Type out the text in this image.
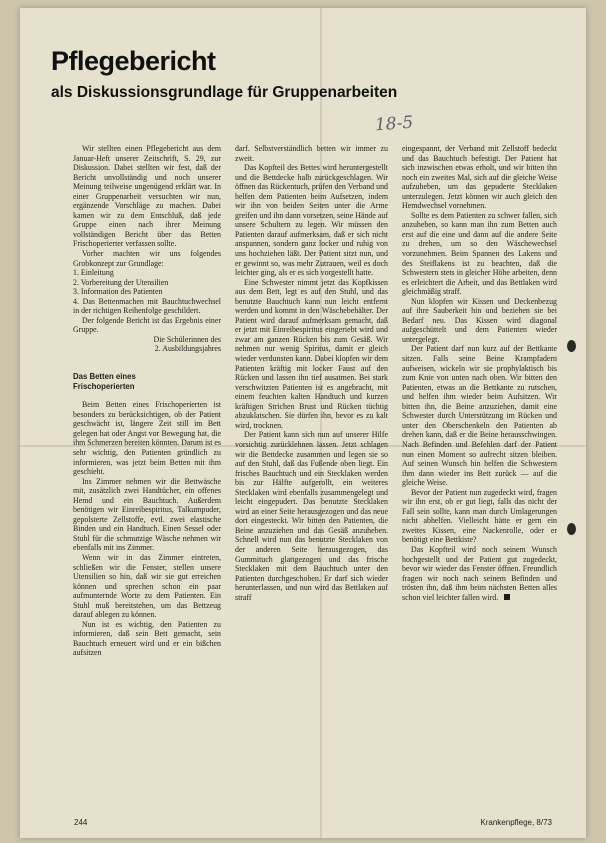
Pflegebericht
als Diskussionsgrundlage für Gruppenarbeiten
18-5

Wir stellten einen Pflegebericht aus dem Januar-Heft unserer Zeitschrift, S. 29, zur Diskussion. Dabei stellten wir fest, daß der Bericht unvollständig und noch unserer Meinung teilweise ungenügend erklärt war. In einer Gruppenarbeit versuchten wir nun, ergänzende Vorschläge zu machen. Dabei kamen wir zu dem Entschluß, daß jede Gruppe einen nach ihrer Meinung vollständigen Bericht über das Betten Frischoperierter verfassen sollte.

Vorher machten wir uns folgendes Grobkonzept zur Grundlage:

1. Einleitung

2. Vorbereitung der Utensilien

3. Information des Patienten

4. Das Bettenmachen mit Bauchtuchwechsel in der richtigen Reihenfolge geschildert.

Der folgende Bericht ist das Ergebnis einer Gruppe.

Die Schülerinnen des

2. Ausbildungsjahres

Das Betten eines
Frischoperierten

Beim Betten eines Frischoperierten ist besonders zu berücksichtigen, ob der Patient geschwächt ist, längere Zeit still im Bett gelegen hat oder Angst vor Bewegung hat, die ihm Schmerzen bereiten könnten. Darum ist es sehr wichtig, den Patienten gründlich zu informieren, was jetzt beim Betten mit ihm geschieht.

Ins Zimmer nehmen wir die Bettwäsche mit, zusätzlich zwei Handtücher, ein offenes Hemd und ein Bauchtuch. Außerdem benötigen wir Einreibespiritus, Talkumpuder, gepolsterte Zellstoffe, evtl. zwei elastische Binden und ein Handtuch. Einen Sessel oder Stuhl für die schmutzige Wäsche nehmen wir ebenfalls mit ins Zimmer.

Wenn wir in das Zimmer eintreten, schließen wir die Fenster, stellen unsere Utensilien so hin, daß wir sie gut erreichen können und sprechen schon ein paar aufmunternde Worte zu dem Patienten. Ein Stuhl muß bereitstehen, um das Bettzeug darauf ablegen zu können.

Nun ist es wichtig, den Patienten zu informieren, daß sein Bett gemacht, sein Bauchtuch erneuert wird und er ein bißchen aufsitzen

darf. Selbstverständlich betten wir immer zu zweit.

Das Kopfteil des Bettes wird heruntergestellt und die Bettdecke halb zurückgeschlagen. Wir öffnen das Rückentuch, prüfen den Verband und helfen dem Patienten beim Aufsetzen, indem wir ihn von beiden Seiten unter die Arme greifen und ihn dann vorsetzen, seine Hände auf unsere Schultern zu legen. Wir müssen den Patienten darauf aufmerksam, daß er sich nicht anspannen, sondern ganz locker und ruhig von uns hochziehen läßt. Der Patient sitzt nun, und er gewinnt so, was mehr Zutrauen, weil es doch leichter ging, als er es sich vorgestellt hatte.

Eine Schwester nimmt jetzt das Kopfkissen aus dem Bett, legt es auf den Stuhl, und das benutzte Bauchtuch kann nun leicht entfernt werden und kommt in den Wäschebehälter. Der Patient wird darauf aufmerksam gemacht, daß er jetzt mit Einreibespiritus eingeriebt wird und zwar am ganzen Rücken bis zum Gesäß. Wir nehmen nur wenig Spiritus, damit er gleich wieder verdunsten kann. Dabei klopfen wir dem Patienten kräftig mit locker Faust auf den Rücken und lassen ihn tief ausatmen. Bei stark verschwitzten Patienten ist es angebracht, mit einem feuchten kalten Handtuch und kurzen kräftigen Strichen Brust und Rücken tüchtig abzuklatschen. Sie dürfen ihn, bevor es zu kalt wird, trocknen.

Der Patient kann sich nun auf unserer Hilfe vorsichtig zurücklehnen lassen. Jetzt schlagen wir die Bettdecke zusammen und legen sie so auf den Stuhl, daß das Fußende oben liegt. Ein frisches Bauchtuch und ein Stecklaken werden bis zur Hälfte aufgerollt, ein weiteres Stecklaken wird ebenfalls zusammengelegt und leicht eingepudert. Das benutzte Stecklaken wird an einer Seite herausgezogen und das neue dort eingesteckt. Wir bitten den Patienten, die Beine anzuziehen und das Gesäß anzuheben. Schnell wird nun das benutzte Stecklaken von der anderen Seite herausgezogen, das Gummituch glattgezogen und das frische Stecklaken mit dem Bauchtuch unter den Patienten durchgeschoben. Er darf sich wieder herunterlassen, und nun wird das Bettlaken auf straff

eingespannt, der Verband mit Zellstoff bedeckt und das Bauchtuch befestigt. Der Patient hat sich inzwischen etwas erholt, und wir bitten ihn noch ein zweites Mal, sich auf die gleiche Weise aufzuheben, um das gepuderte Stecklaken unterzulegen. Jetzt können wir auch gleich den Hemdwechsel vornehmen.

Sollte es dem Patienten zu schwer fallen, sich anzuheben, so kann man ihn zum Betten auch erst auf die eine und dann auf die andere Seite zu drehen, um so den Wäschewechsel vorzunehmen. Beim Spannen des Lakens und des Steiflakens ist zu beachten, daß die Schwestern stets in gleicher Höhe arbeiten, denn es erleichtert die Arbeit, und das Bettlaken wird gleichmäßig straff.

Nun klopfen wir Kissen und Deckenbezug auf ihre Sauberkeit hin und beziehen sie bei Bedarf neu. Das Kissen wird diagonal aufgeschüttelt und dem Patienten wieder untergelegt.

Der Patient darf nun kurz auf der Bettkante sitzen. Falls seine Beine Krampfadern aufweisen, wickeln wir sie prophylaktisch bis zum Knie von unten nach oben. Wir bitten den Patienten, etwas an die Bettkante zu rutschen, und helfen ihm wieder beim Aufsitzen. Wir bitten ihn, die Beine anzuziehen, damit eine Schwester durch Unterstützung im Rücken und unter den Oberschenkeln den Patienten ab drehen kann, daß er die Beine herausschwingen. Nach Befinden und Befehlen darf der Patient nun einen Moment so aufrecht sitzen bleiben. Auf seinen Wunsch hin helfen die Schwestern ihm dann wieder ins Bett zurück — auf die gleiche Weise.

Bevor der Patient nun zugedeckt wird, fragen wir ihn erst, ob er gut liegt, falls das nicht der Fall sein sollte, kann man durch Umlagerungen nicht abhelfen. Vielleicht hätte er gern ein zweites Kissen, eine Nackenrolle, oder er benötigt eine Bettkiste?

Das Kopfteil wird noch seinem Wunsch hochgestellt und der Patient gut zugedeckt, bevor wir wieder das Fenster öffnen. Freundlich fragen wir noch nach seinem Befinden und trösten ihn, daß ihm beim nächsten Betten alles schon viel leichter fallen wird.

244	Krankenpflege, 8/73
